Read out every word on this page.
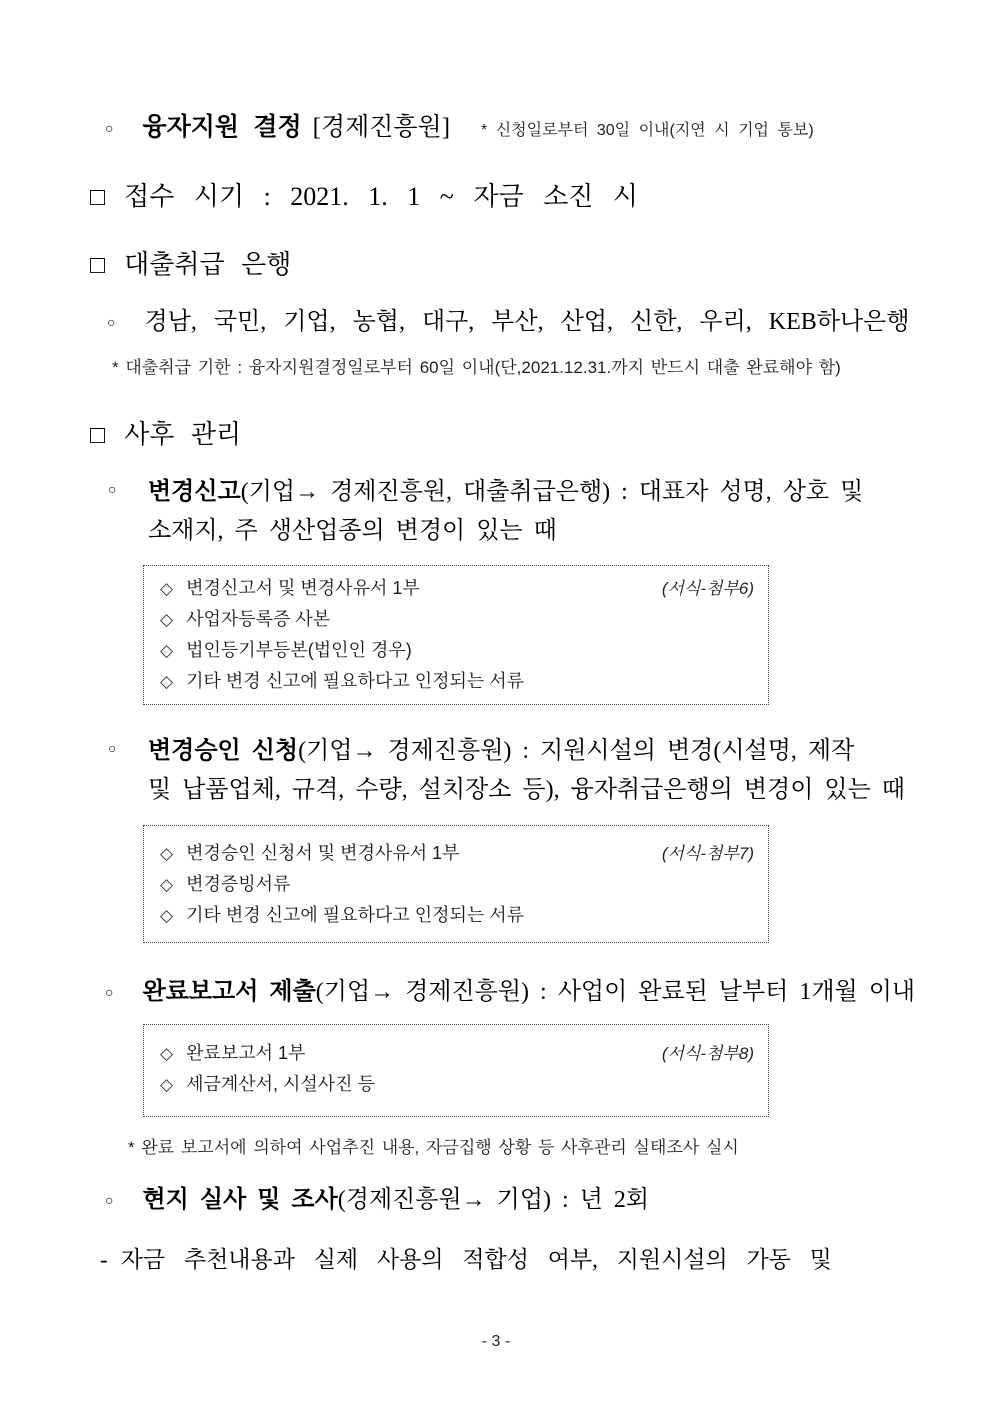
○ 융자지원 결정 [경제진흥원] * 신청일로부터 30일 이내(지연 시 기업 통보)
□ 접수 시기 : 2021. 1. 1 ~ 자금 소진 시
□ 대출취급 은행
○ 경남, 국민, 기업, 농협, 대구, 부산, 산업, 신한, 우리, KEB하나은행
* 대출취급 기한 : 융자지원결정일로부터 60일 이내(단,2021.12.31.까지 반드시 대출 완료해야 함)
□ 사후 관리
○ 변경신고(기업→ 경제진흥원, 대출취급은행) : 대표자 성명, 상호 및
소재지, 주 생산업종의 변경이 있는 때
◇ 변경신고서 및 변경사유서 1부	(서식-첨부6)
◇ 사업자등록증 사본
◇ 법인등기부등본(법인인 경우)
◇ 기타 변경 신고에 필요하다고 인정되는 서류
○ 변경승인 신청(기업→ 경제진흥원) : 지원시설의 변경(시설명, 제작
및 납품업체, 규격, 수량, 설치장소 등), 융자취급은행의 변경이 있는 때
◇ 변경승인 신청서 및 변경사유서 1부	(서식-첨부7)
◇ 변경증빙서류
◇ 기타 변경 신고에 필요하다고 인정되는 서류
○ 완료보고서 제출 (기업→ 경제진흥원) : 사업이 완료된 날부터 1개월 이내
◇ 완료보고서 1부	(서식-첨부8)
◇ 세금계산서, 시설사진 등
* 완료 보고서에 의하여 사업추진 내용, 자금집행 상황 등 사후관리 실태조사 실시
○ 현지 실사 및 조사 (경제진흥원→ 기업) : 년 2회
- 자금 추천내용과 실제 사용의 적합성 여부, 지원시설의 가동 및
- 3 -
